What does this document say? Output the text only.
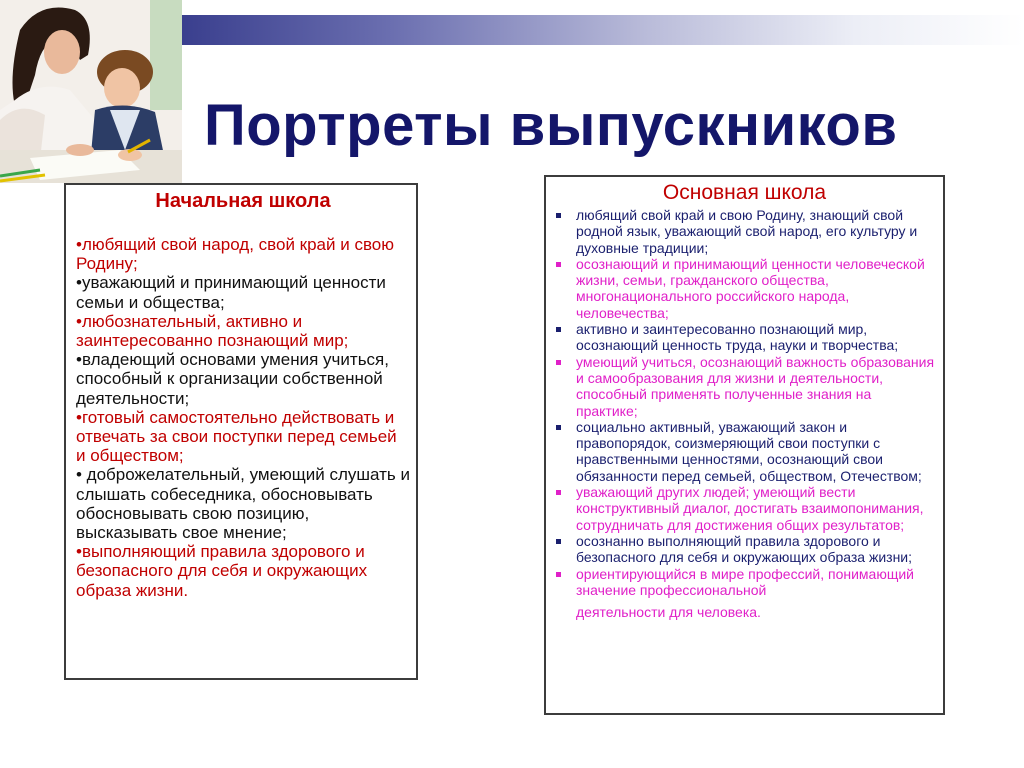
Портреты выпускников
Начальная школа

•любящий свой народ, свой край и свою Родину;

•уважающий и принимающий ценности семьи и общества;

•любознательный, активно и заинтересованно познающий мир;

•владеющий основами умения учиться, способный к организации собственной деятельности;

•готовый самостоятельно действовать и отвечать за свои поступки перед семьей и обществом;

• доброжелательный, умеющий слушать и слышать собеседника, обосновывать обосновывать свою позицию, высказывать свое мнение;

•выполняющий правила здорового и безопасного для себя и окружающих образа жизни.

Основная школа
любящий свой край и свою Родину, знающий свой родной язык, уважающий свой народ, его культуру и духовные традиции;
осознающий и принимающий ценности человеческой жизни, семьи, гражданского общества, многонационального российского народа, человечества;
активно и заинтересованно познающий мир, осознающий ценность труда, науки и творчества;
умеющий учиться, осознающий важность образования и самообразования для жизни и деятельности, способный применять полученные знания на практике;
социально активный, уважающий закон и правопорядок, соизмеряющий свои поступки с нравственными ценностями, осознающий свои обязанности перед семьей, обществом, Отечеством;
уважающий других людей; умеющий вести конструктивный диалог, достигать взаимопонимания, сотрудничать для достижения общих результатов;
осознанно выполняющий правила здорового и безопасного для себя и окружающих образа жизни;
ориентирующийся в мире профессий, понимающий значение профессиональной
деятельности для человека.
